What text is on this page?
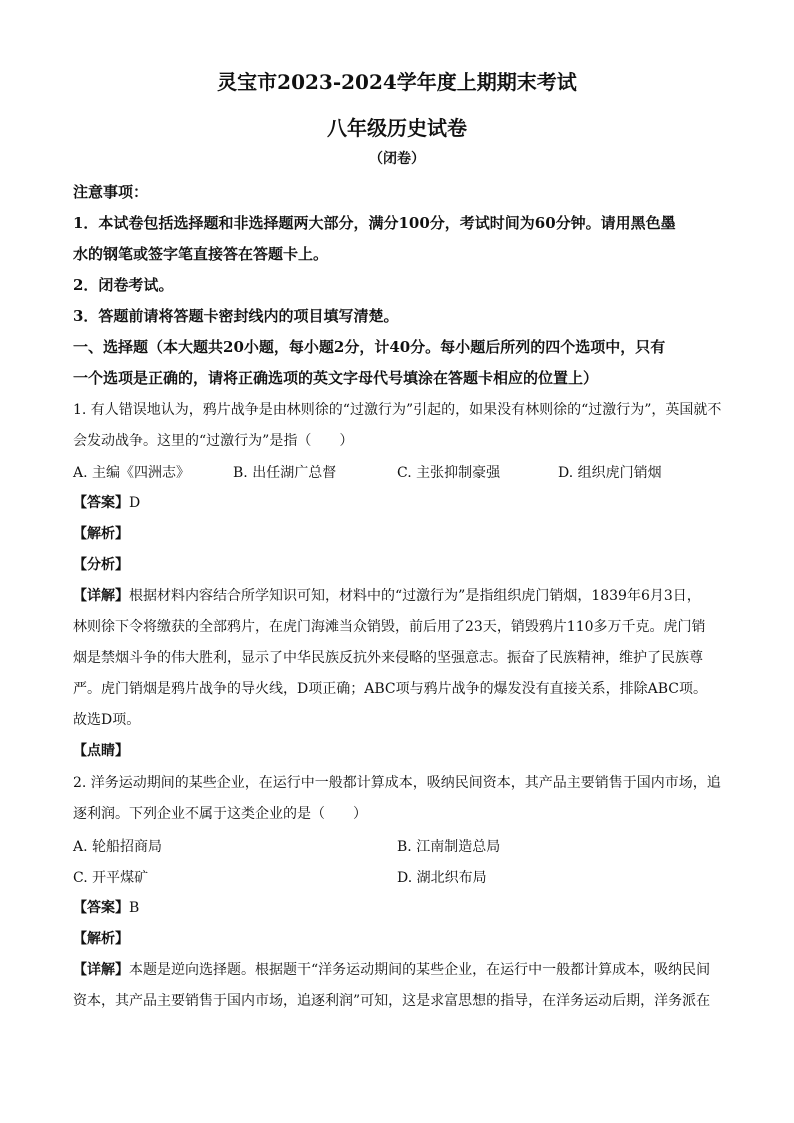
灵宝市2023-2024学年度上期期末考试
八年级历史试卷
（闭卷）
注意事项：
1．本试卷包括选择题和非选择题两大部分，满分100分，考试时间为60分钟。请用黑色墨
水的钢笔或签字笔直接答在答题卡上。
2．闭卷考试。
3．答题前请将答题卡密封线内的项目填写清楚。
一、选择题（本大题共20小题，每小题2分，计40分。每小题后所列的四个选项中，只有
一个选项是正确的，请将正确选项的英文字母代号填涂在答题卡相应的位置上）
1. 有人错误地认为，鸦片战争是由林则徐的“过激行为”引起的，如果没有林则徐的“过激行为”，英国就不
会发动战争。这里的“过激行为”是指（　　）
A. 主编《四洲志》	B. 出任湖广总督	C. 主张抑制豪强	D. 组织虎门销烟
【答案】D
【解析】
【分析】
【详解】根据材料内容结合所学知识可知，材料中的“过激行为”是指组织虎门销烟，1839年6月3日，
林则徐下令将缴获的全部鸦片，在虎门海滩当众销毁，前后用了23天，销毁鸦片110多万千克。虎门销
烟是禁烟斗争的伟大胜利，显示了中华民族反抗外来侵略的坚强意志。振奋了民族精神，维护了民族尊
严。虎门销烟是鸦片战争的导火线，D项正确；ABC项与鸦片战争的爆发没有直接关系，排除ABC项。
故选D项。
【点睛】
2. 洋务运动期间的某些企业，在运行中一般都计算成本，吸纳民间资本，其产品主要销售于国内市场，追
逐利润。下列企业不属于这类企业的是（　　）
A. 轮船招商局	B. 江南制造总局
C. 开平煤矿	D. 湖北织布局
【答案】B
【解析】
【详解】本题是逆向选择题。根据题干“洋务运动期间的某些企业，在运行中一般都计算成本，吸纳民间
资本，其产品主要销售于国内市场，追逐利润”可知，这是求富思想的指导，在洋务运动后期，洋务派在
